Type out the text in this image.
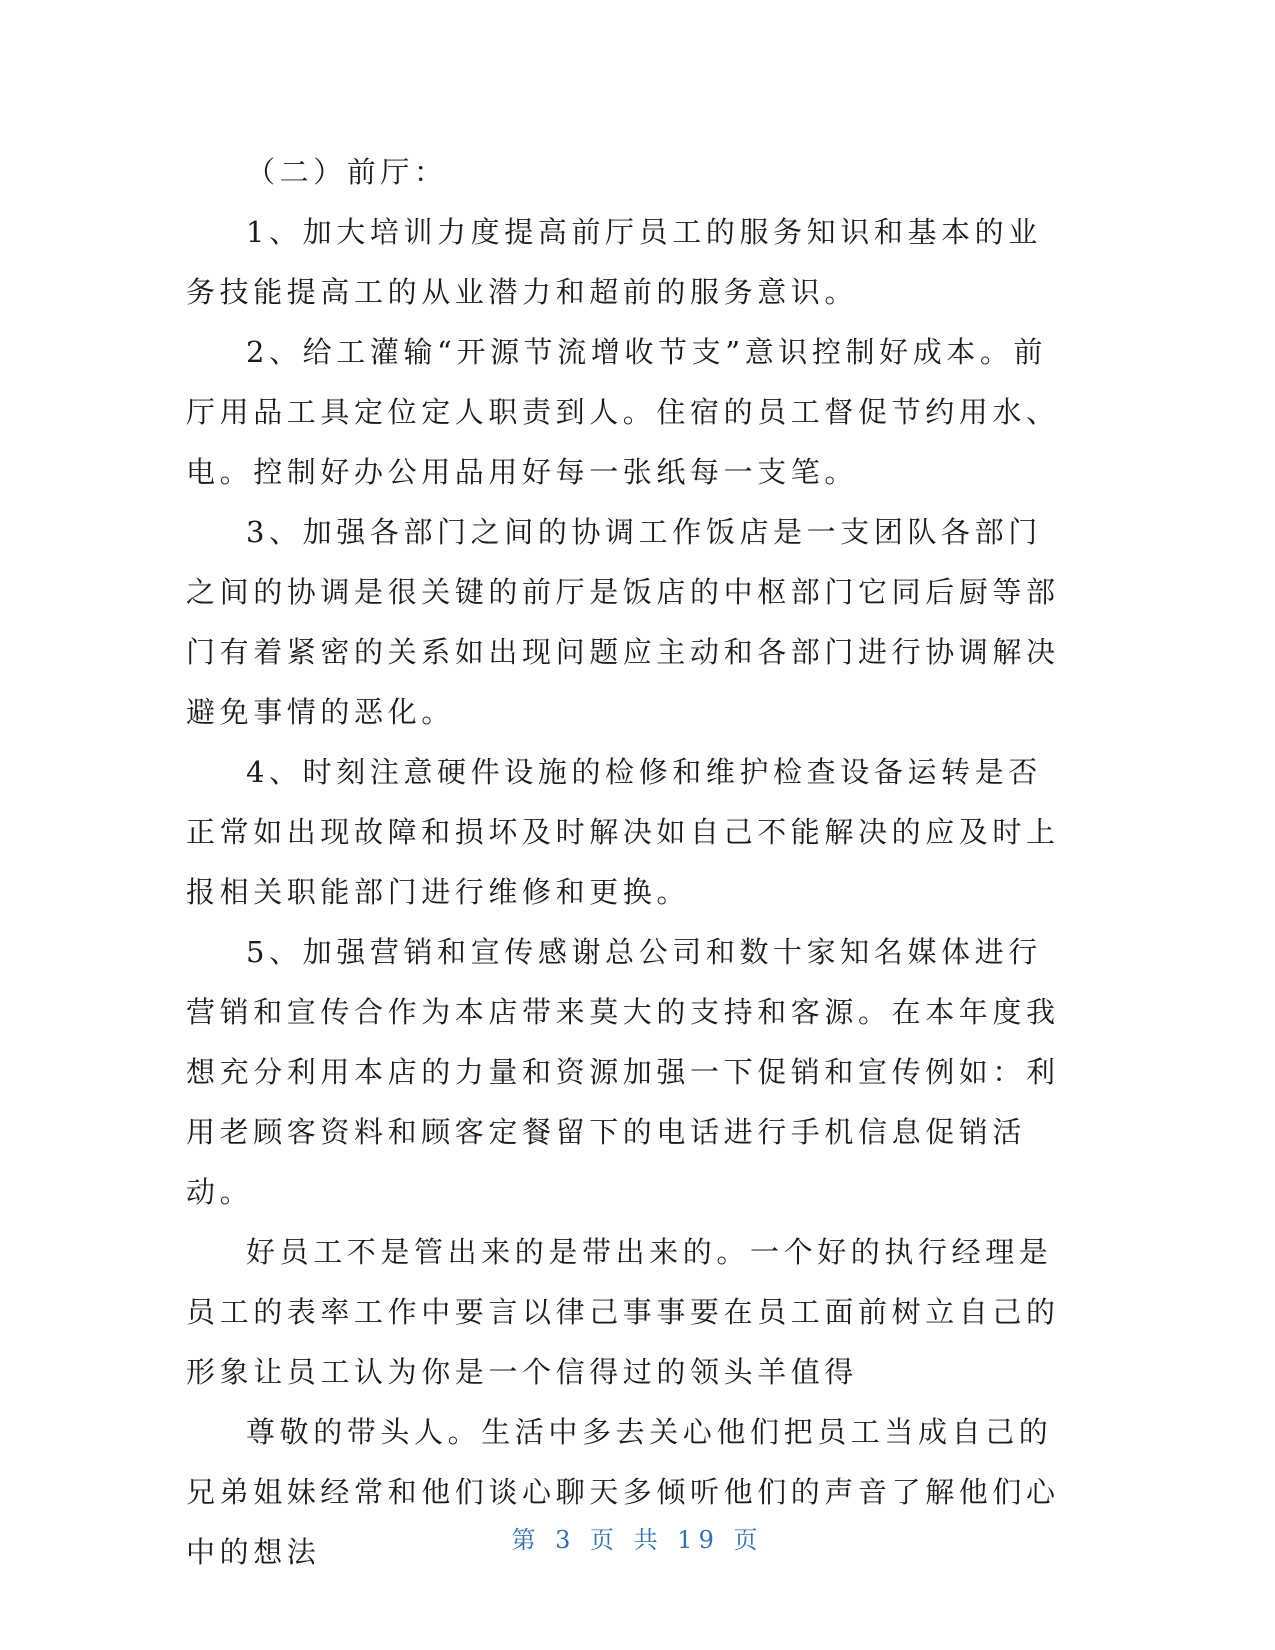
（二）前厅：

1、加大培训力度提高前厅员工的服务知识和基本的业务技能提高工的从业潜力和超前的服务意识。

2、给工灌输“开源节流增收节支”意识控制好成本。前厅用品工具定位定人职责到人。住宿的员工督促节约用水、电。控制好办公用品用好每一张纸每一支笔。

3、加强各部门之间的协调工作饭店是一支团队各部门之间的协调是很关键的前厅是饭店的中枢部门它同后厨等部门有着紧密的关系如出现问题应主动和各部门进行协调解决避免事情的恶化。

4、时刻注意硬件设施的检修和维护检查设备运转是否正常如出现故障和损坏及时解决如自己不能解决的应及时上报相关职能部门进行维修和更换。

5、加强营销和宣传感谢总公司和数十家知名媒体进行营销和宣传合作为本店带来莫大的支持和客源。在本年度我想充分利用本店的力量和资源加强一下促销和宣传例如：利用老顾客资料和顾客定餐留下的电话进行手机信息促销活动。

好员工不是管出来的是带出来的。一个好的执行经理是员工的表率工作中要言以律己事事要在员工面前树立自己的形象让员工认为你是一个信得过的领头羊值得

尊敬的带头人。生活中多去关心他们把员工当成自己的兄弟姐妹经常和他们谈心聊天多倾听他们的声音了解他们心中的想法	第 3 页 共 19 页
